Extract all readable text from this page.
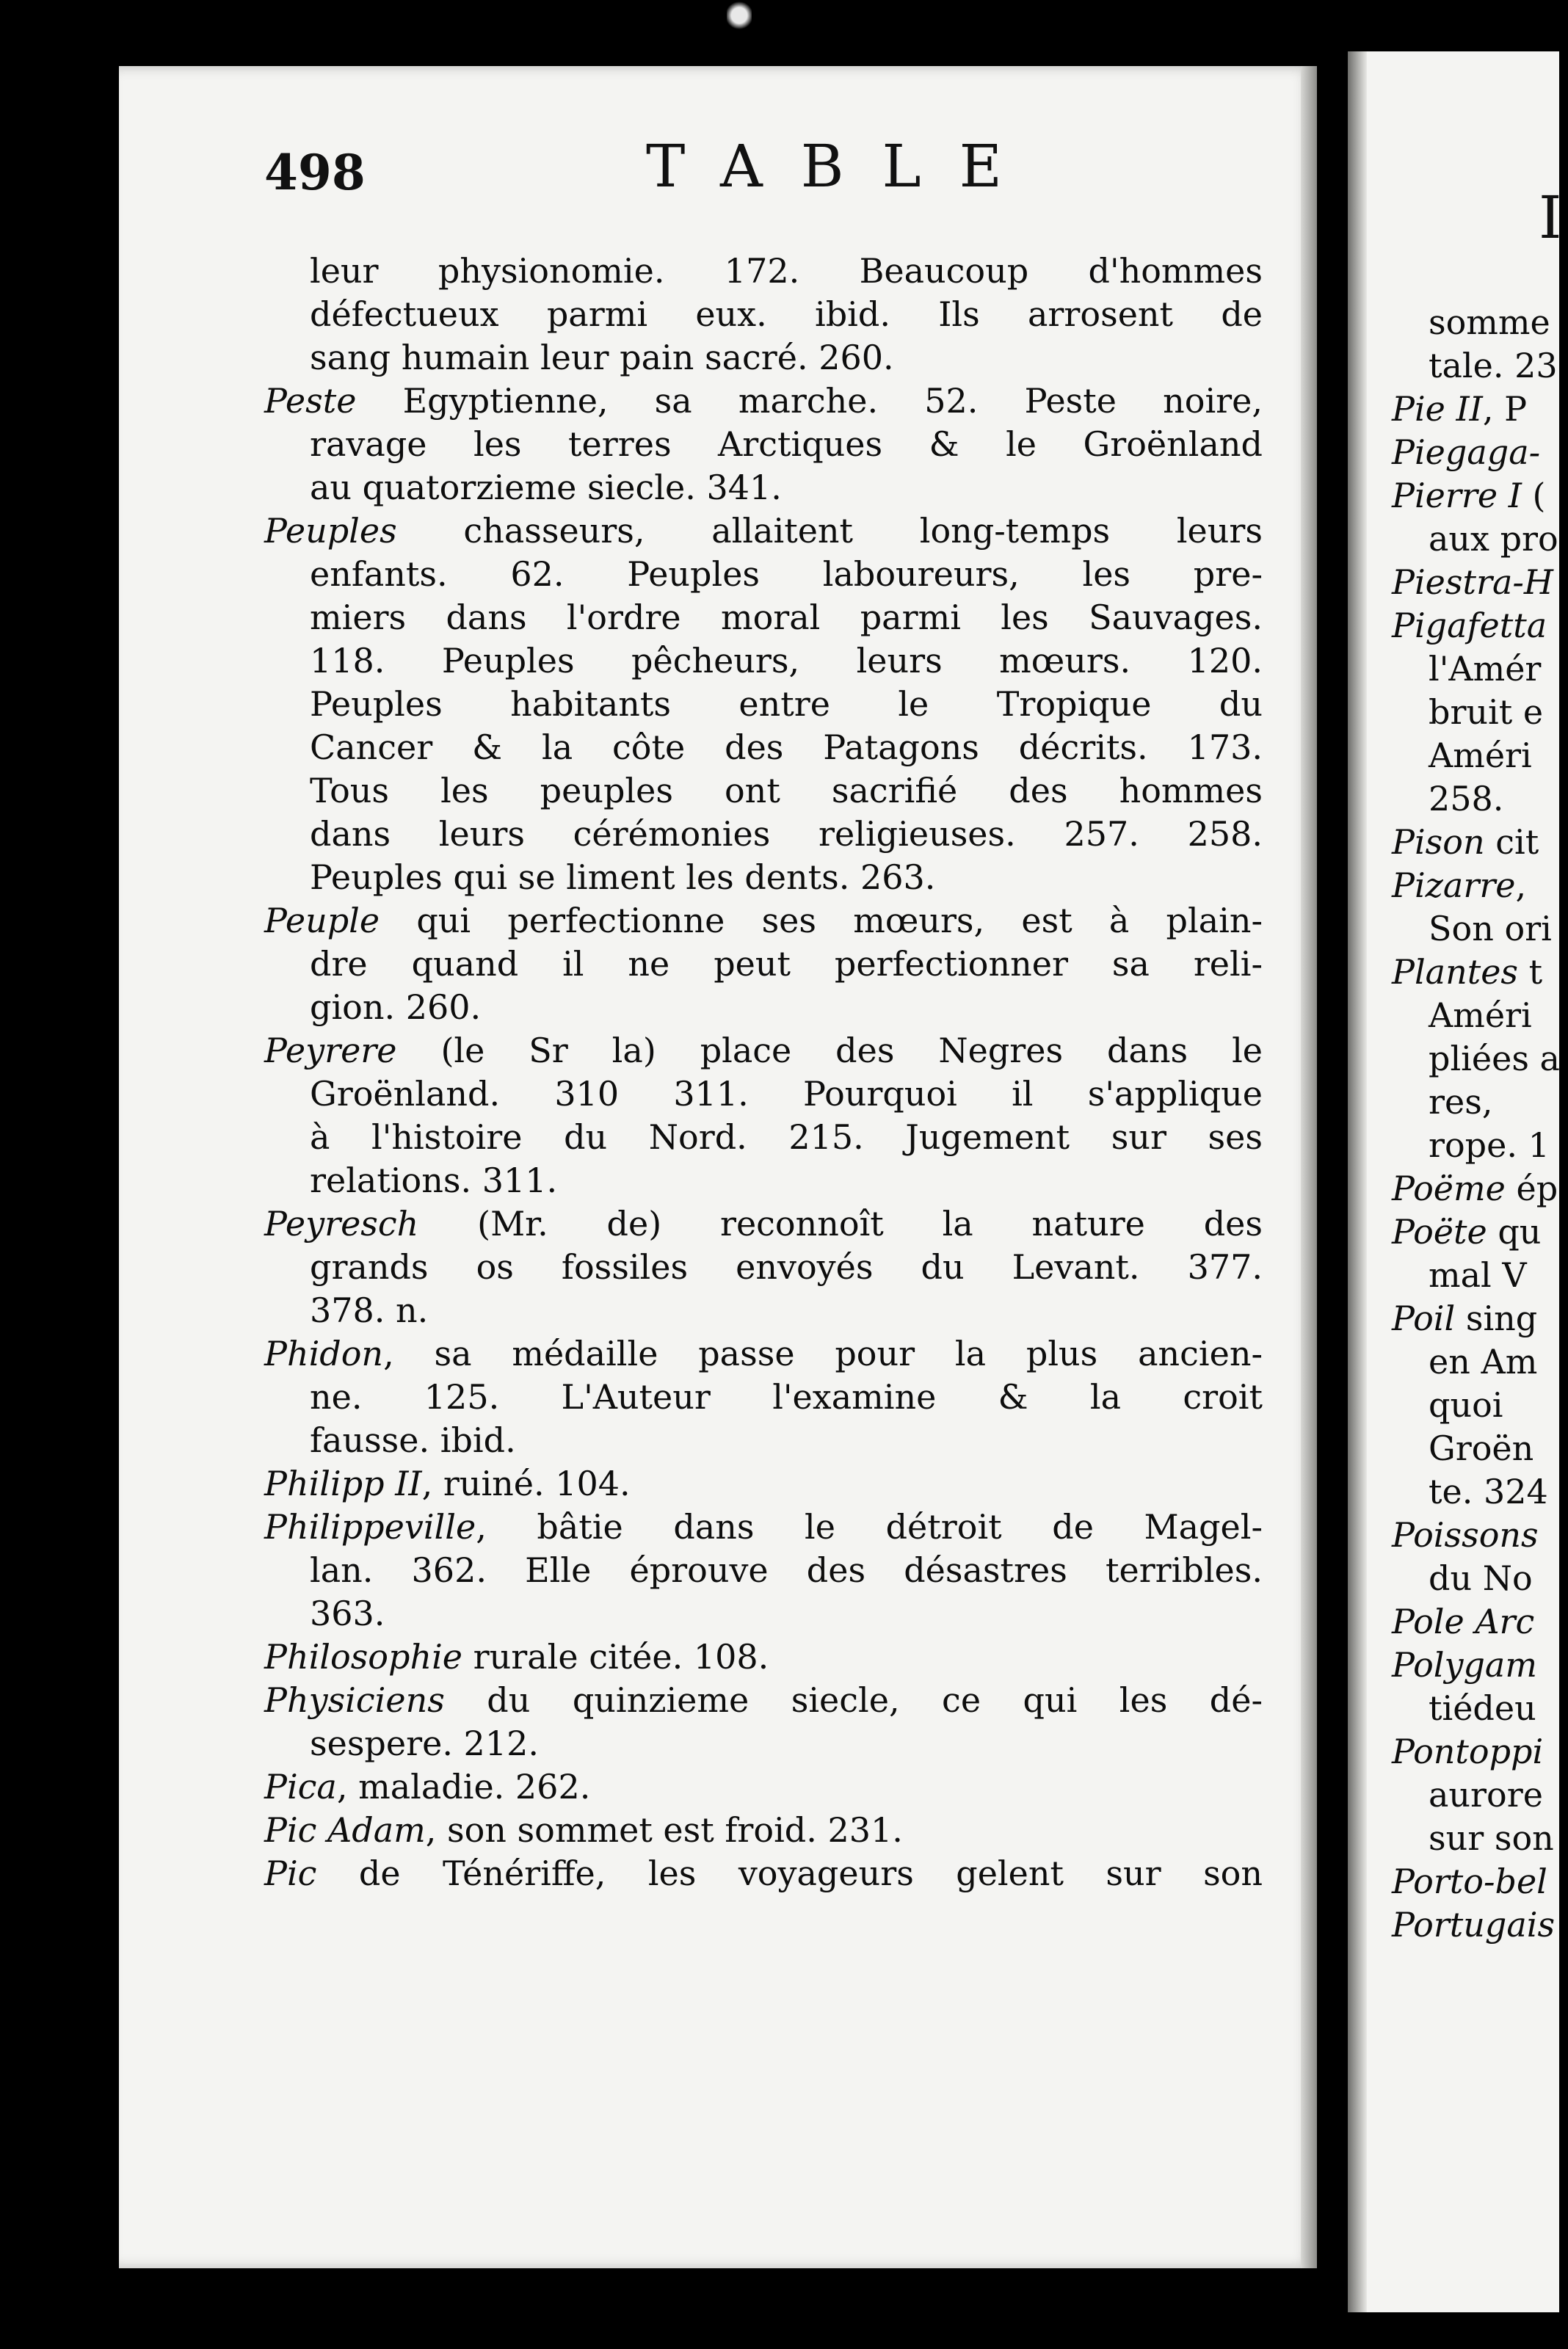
498	TABLE
leur physionomie. 172. Beaucoup d'hommes
défectueux parmi eux. ibid. Ils arrosent de
sang humain leur pain sacré. 260.
Peste Egyptienne, sa marche. 52. Peste noire,
ravage les terres Arctiques & le Groënland
au quatorzieme siecle. 341.
Peuples chasseurs, allaitent long-temps leurs
enfants. 62. Peuples laboureurs, les pre-
miers dans l'ordre moral parmi les Sauvages.
118. Peuples pêcheurs, leurs mœurs. 120.
Peuples habitants entre le Tropique du
Cancer & la côte des Patagons décrits. 173.
Tous les peuples ont sacrifié des hommes
dans leurs cérémonies religieuses. 257. 258.
Peuples qui se liment les dents. 263.
Peuple qui perfectionne ses mœurs, est à plain-
dre quand il ne peut perfectionner sa reli-
gion. 260.
Peyrere (le Sr la) place des Negres dans le
Groënland. 310 311. Pourquoi il s'applique
à l'histoire du Nord. 215. Jugement sur ses
relations. 311.
Peyresch (Mr. de) reconnoît la nature des
grands os fossiles envoyés du Levant. 377.
378. n.
Phidon, sa médaille passe pour la plus ancien-
ne. 125. L'Auteur l'examine & la croit
fausse. ibid.
Philipp II, ruiné. 104.
Philippeville, bâtie dans le détroit de Magel-
lan. 362. Elle éprouve des désastres terribles.
363.
Philosophie rurale citée. 108.
Physiciens du quinzieme siecle, ce qui les dé-
sespere. 212.
Pica, maladie. 262.
Pic Adam, son sommet est froid. 231.
Pic de Ténériffe, les voyageurs gelent sur son
I
somme
tale. 23
Pie II, P
Piegaga-
Pierre I (
aux pro
Piestra-H
Pigafetta
l'Amér
bruit e
Améri
258.
Pison cit
Pizarre,
Son ori
Plantes t
Améri
pliées a
res,
rope. 1
Poëme ép
Poëte qu
mal V
Poil sing
en Am
quoi
Groën
te. 324
Poissons
du No
Pole Arc
Polygam
tiédeu
Pontoppi
aurore
sur son
Porto-bel
Portugais
